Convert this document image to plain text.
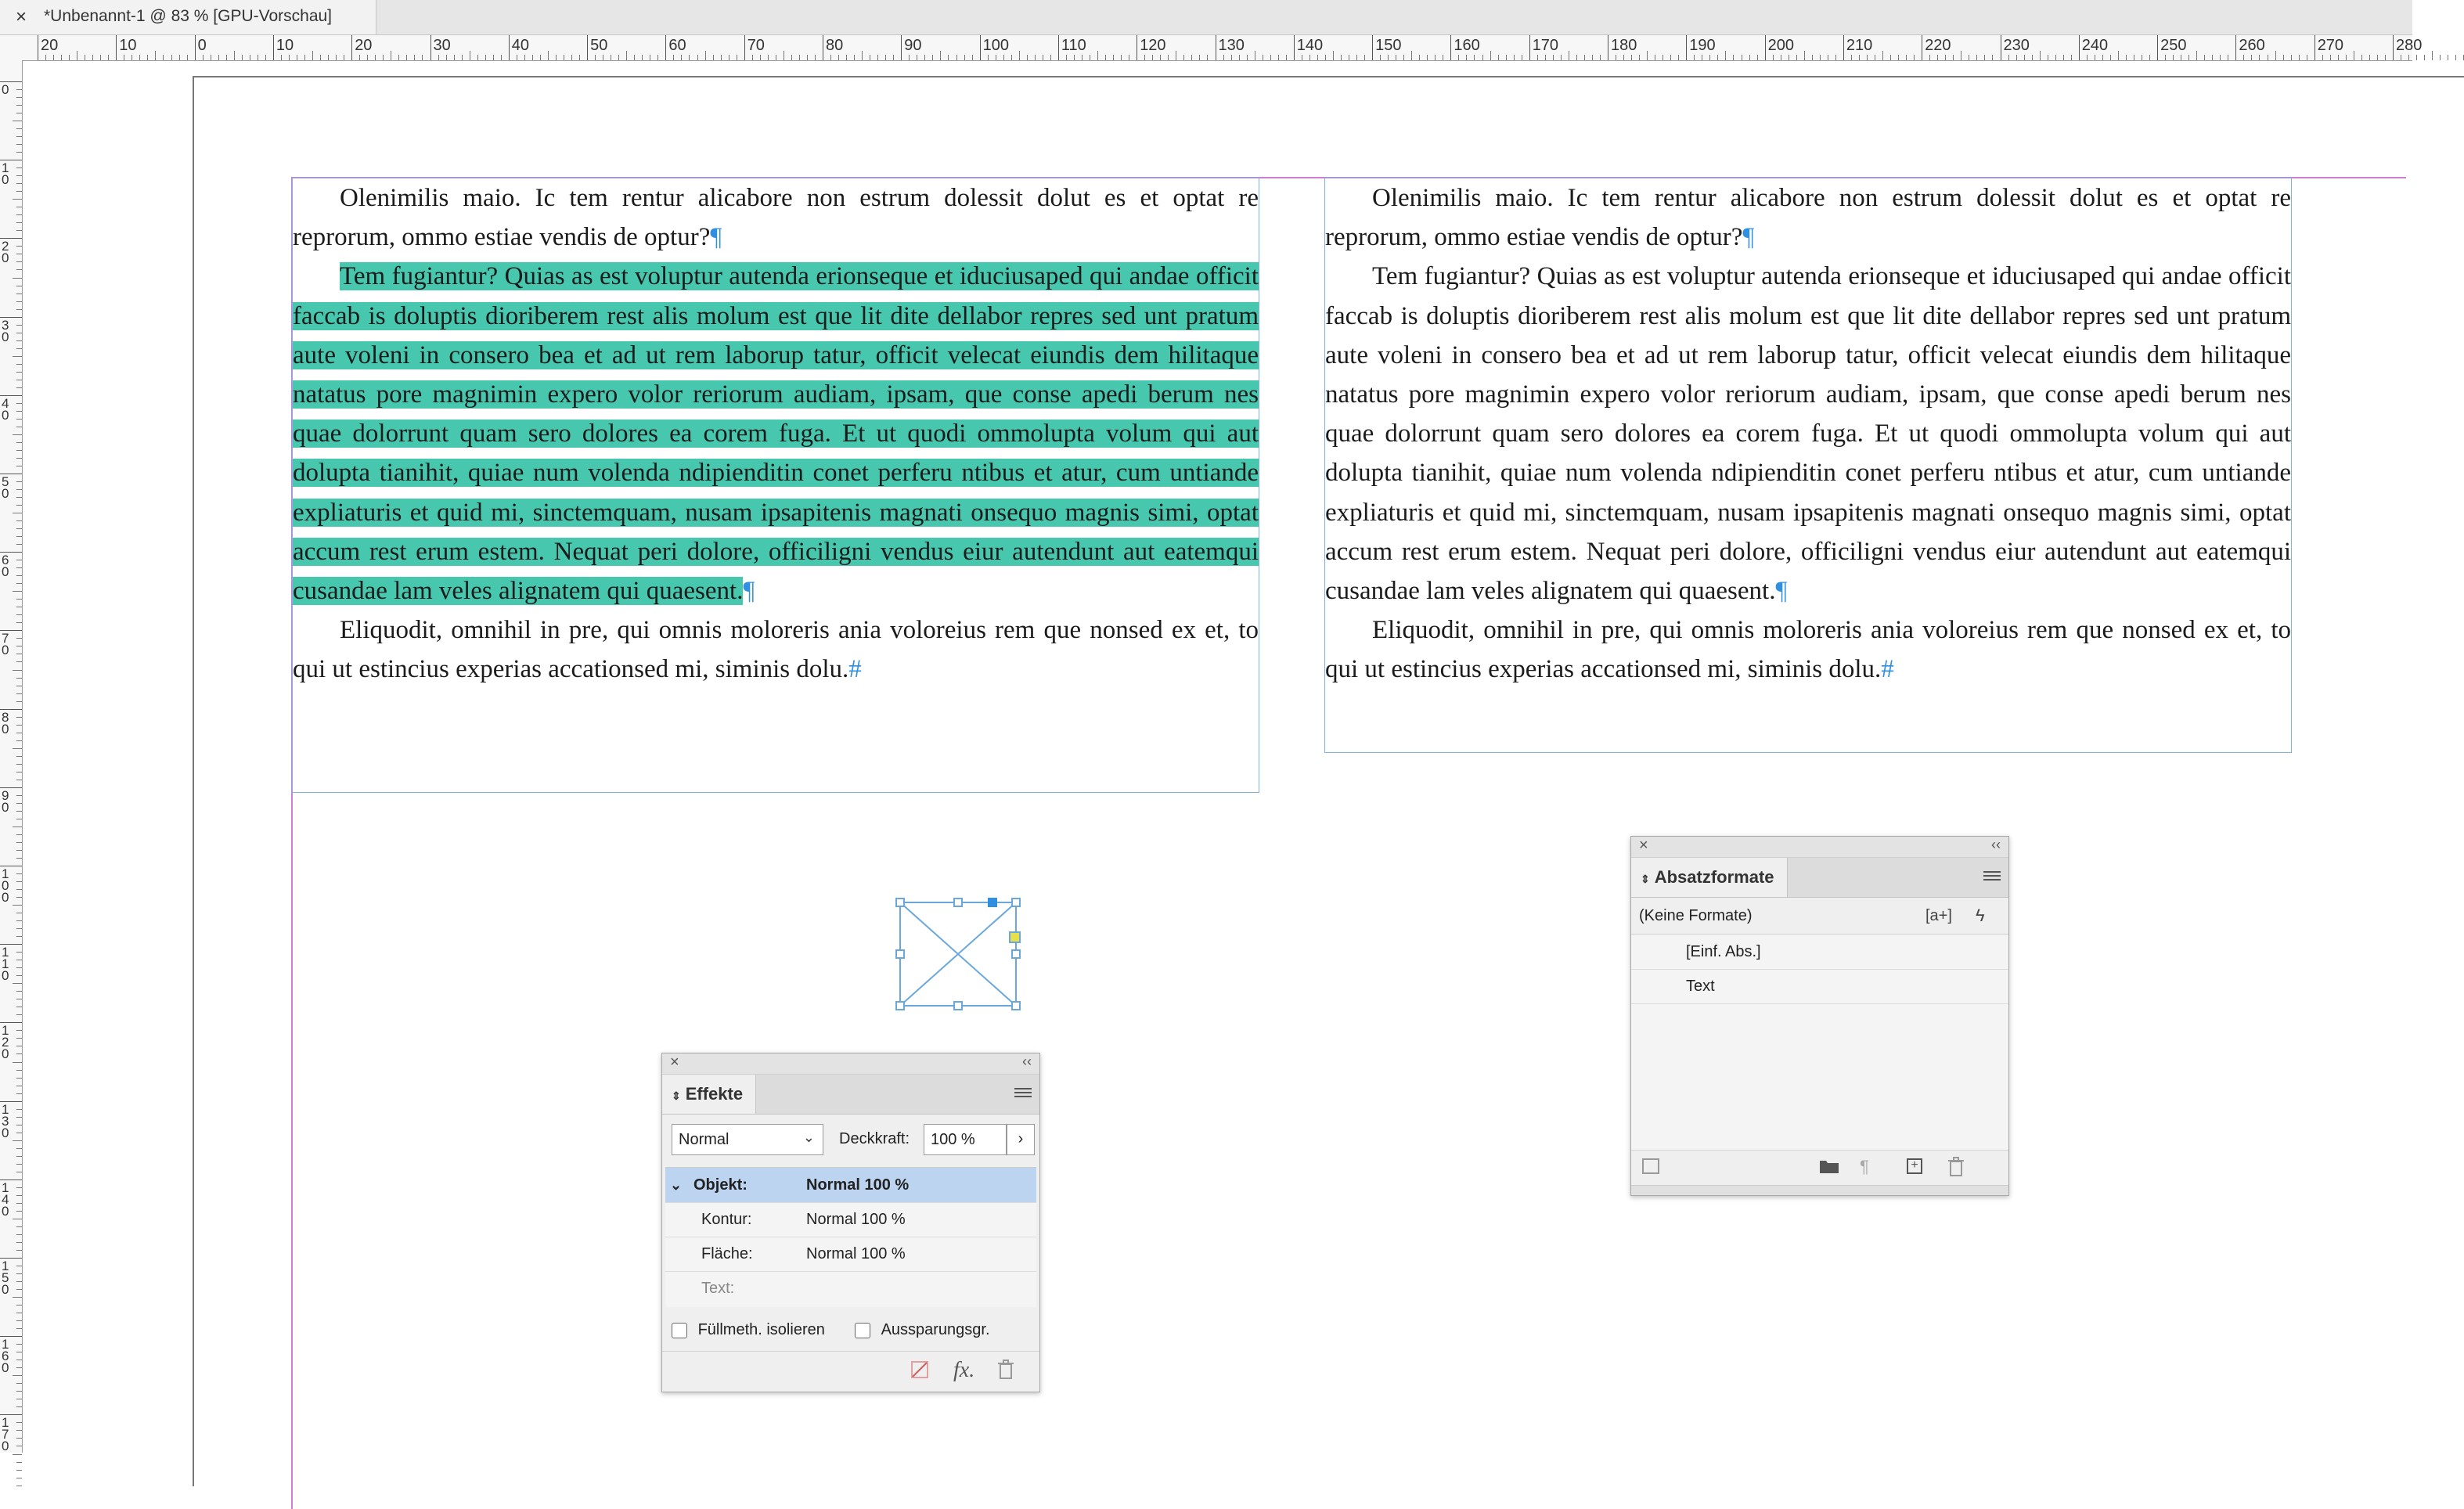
× *Unbenannt-1 @ 83 % [GPU-Vorschau]
20	10	0	10	20	30	40	50	60	70	80	90	100	110	120	130	140	150	160	170	180	190	200	210	220	230	240	250	260	270	280
0
1
0
2
0
3
0
4
0
5
0
6
0
7
0
8
0
9
0
1
0
0
1
1
0
1
2
0
1
3
0
1
4
0
1
5
0
1
6
0
1
7
0

Olenimilis maio. Ic tem rentur alicabore non estrum dolessit dolut es et optat re reprorum, ommo estiae vendis de optur?¶

Tem fugiantur? Quias as est voluptur autenda erionseque et iduciusaped qui andae officit faccab is doluptis dioriberem rest alis molum est que lit dite dellabor repres sed unt pratum aute voleni in consero bea et ad ut rem laborup tatur, officit velecat eiundis dem hilitaque natatus pore magnimin expero volor reriorum audiam, ipsam, que conse apedi berum nes quae dolorrunt quam sero dolores ea corem fuga. Et ut quodi ommolupta volum qui aut dolupta tianihit, quiae num volenda ndipienditin conet perferu ntibus et atur, cum untiande expliaturis et quid mi, sinctemquam, nusam ipsapitenis magnati onsequo magnis simi, optat accum rest erum estem. Nequat peri dolore, officiligni vendus eiur autendunt aut eatemqui cusandae lam veles alignatem qui quaesent.¶

Eliquodit, omnihil in pre, qui omnis moloreris ania voloreius rem que nonsed ex et, to qui ut estincius experias accationsed mi, siminis dolu.#

Olenimilis maio. Ic tem rentur alicabore non estrum dolessit dolut es et optat re reprorum, ommo estiae vendis de optur?¶

Tem fugiantur? Quias as est voluptur autenda erionseque et iduciusaped qui andae officit faccab is doluptis dioriberem rest alis molum est que lit dite dellabor repres sed unt pratum aute voleni in consero bea et ad ut rem laborup tatur, officit velecat eiundis dem hilitaque natatus pore magnimin expero volor reriorum audiam, ipsam, que conse apedi berum nes quae dolorrunt quam sero dolores ea corem fuga. Et ut quodi ommolupta volum qui aut dolupta tianihit, quiae num volenda ndipienditin conet perferu ntibus et atur, cum untiande expliaturis et quid mi, sinctemquam, nusam ipsapitenis magnati onsequo magnis simi, optat accum rest erum estem. Nequat peri dolore, officiligni vendus eiur autendunt aut eatemqui cusandae lam veles alignatem qui quaesent.¶

Eliquodit, omnihil in pre, qui omnis moloreris ania voloreius rem que nonsed ex et, to qui ut estincius experias accationsed mi, siminis dolu.#

×	‹‹
⇕ Effekte
Normal	⌄ Deckkraft: 100 %	›
⌄ Objekt:	Normal 100 %
Kontur:	Normal 100 %
Fläche:	Normal 100 %
Text:
Füllmeth. isolieren	Aussparungsgr.
fx.
×	‹‹
⇕ Absatzformate
(Keine Formate)	[a+] ϟ
[Einf. Abs.]
Text
¶	+
